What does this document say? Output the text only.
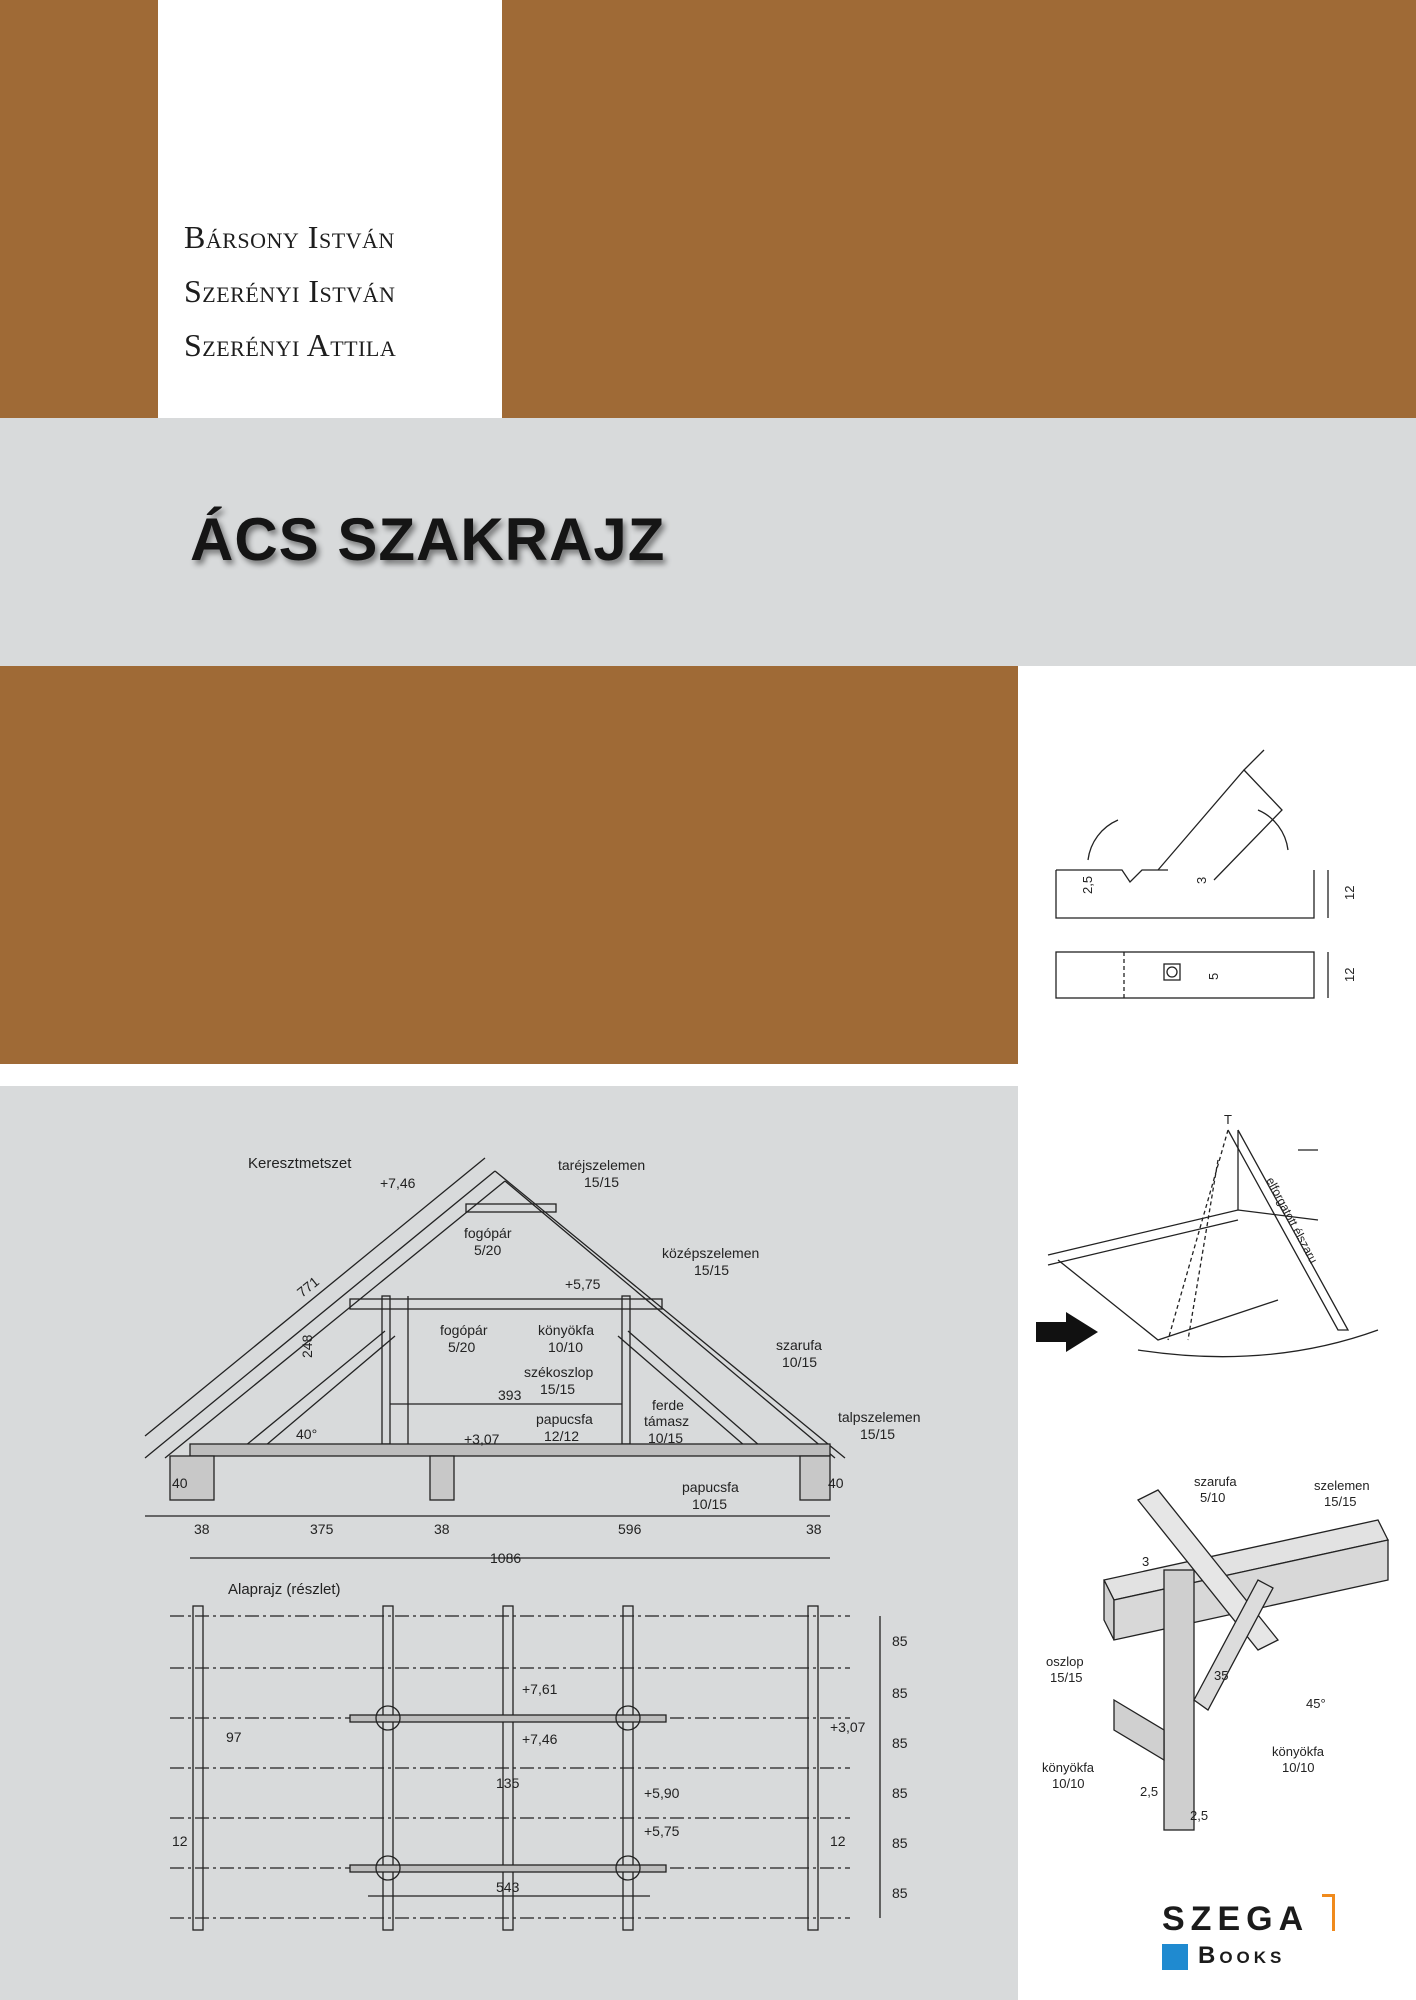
Bársony István
Szerényi István
Szerényi Attila
ÁCS SZAKRAJZ
Keresztmetszet
+7,46
taréjszelemen
15/15
fogópár
5/20	középszelemen
15/15
+5,75
fogópár
5/20
könyökfa
10/10	szarufa
10/15
székoszlop
15/15
393
ferde
támasz
10/15
papucsfa
12/12
talpszelemen
15/15
+3,07
40°
papucsfa
10/15
40	40
38	375	38	596	38
1086
Alaprajz (részlet)
+7,61
+7,46
+5,90
+5,75
+3,07
97
135
543
12	12
85
85
85
85
85
85
248
771
2,5	3
12
5	12
T
elforgatott élszaru
szarufa
5/10
szelemen
15/15
oszlop
15/15
könyökfa
10/10
könyökfa
10/10
35
3
2,5
2,5
45°
SZEGA
Books
